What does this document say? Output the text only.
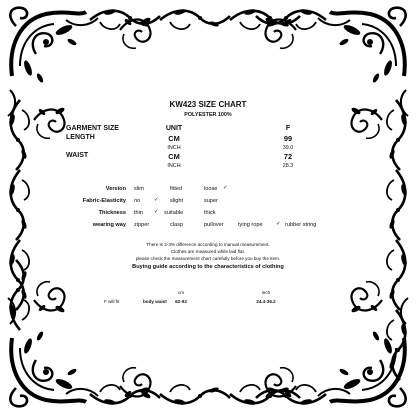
KW423 SIZE CHART
POLYESTER 100%
GARMENT SIZE	UNIT	F
LENGTH	CM	99
INCH	39.0
WAIST	CM	72
INCH	28.3
Version slim	fitted	loose ✓
Fabric-Elasticity no ✓ slight	super
Thickness thin ✓ suitable	thick
wearing way zipper	clasp	pullover	tying rope ✓ rubber string
There is 2-3% difference according to manual measurement.
Clothes are measured while laid flat.
please check the measurement chart carefully before you buy the item.
Buying guide according to the characteristics of clothing
cm	inch
F will fit	body waist 62-92	24.4-36.2
